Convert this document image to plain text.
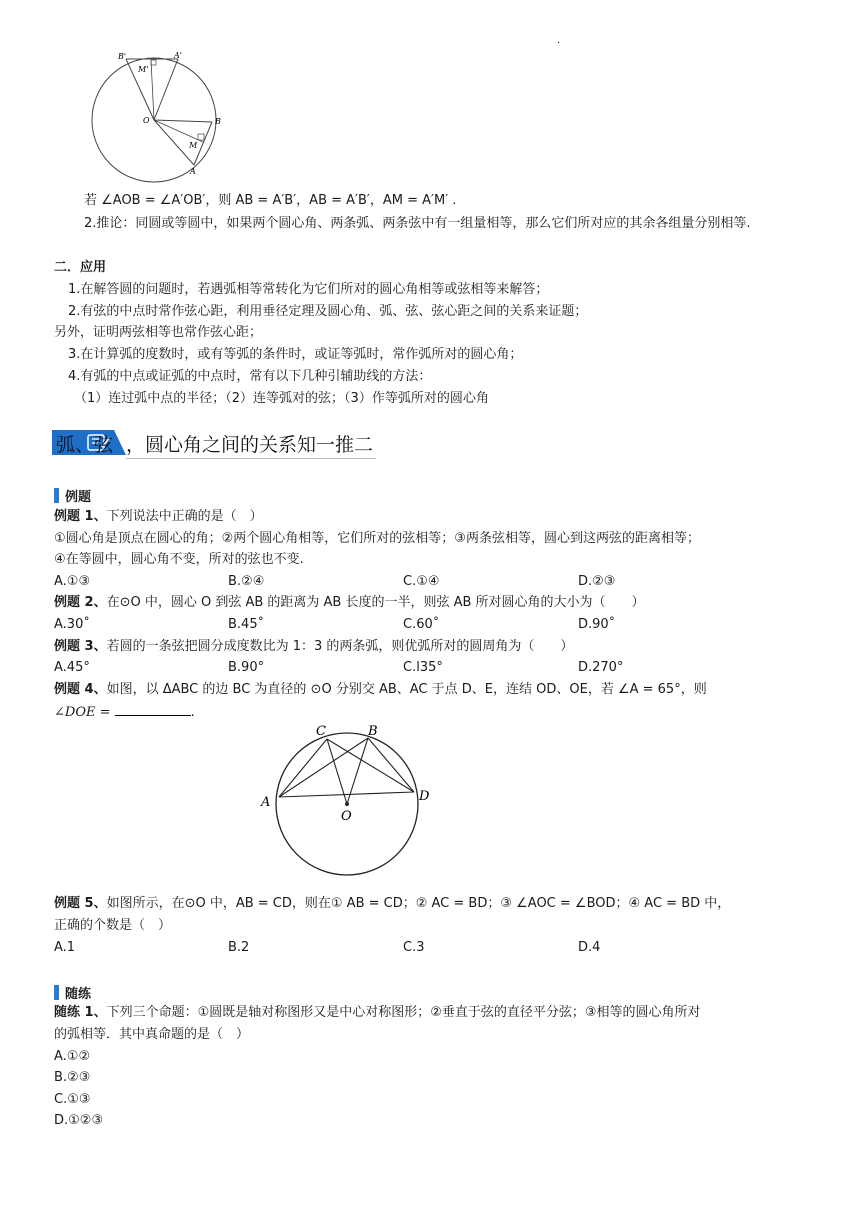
·
B'	A'
M'
O	B
M
A
若 ∠AOB = ∠A′OB′，则 AB = A′B′，AB = A′B′，AM = A′M′ .
2.推论：同圆或等圆中，如果两个圆心角、两条弧、两条弦中有一组量相等，那么它们所对应的其余各组量分别相等.
二．应用
1.在解答圆的问题时，若遇弧相等常转化为它们所对的圆心角相等或弦相等来解答；
2.有弦的中点时常作弦心距，利用垂径定理及圆心角、弧、弦、弦心距之间的关系来证题；
另外，证明两弦相等也常作弦心距；
3.在计算弧的度数时，或有等弧的条件时，或证等弧时，常作弧所对的圆心角；
4.有弧的中点或证弧的中点时，常有以下几种引辅助线的方法：
（1）连过弧中点的半径；（2）连等弧对的弦；（3）作等弧所对的圆心角
弧、弦 ，圆心角之间的关系知一推二
例题
例题 1、下列说法中正确的是（　）
①圆心角是顶点在圆心的角；②两个圆心角相等，它们所对的弦相等；③两条弦相等，圆心到这两弦的距离相等；
④在等圆中，圆心角不变，所对的弦也不变.
A.①③	B.②④	C.①④	D.②③
例题 2、在⊙O 中，圆心 O 到弦 AB 的距离为 AB 长度的一半，则弦 AB 所对圆心角的大小为（　　）
A.30˚	B.45˚	C.60˚	D.90˚
例题 3、若圆的一条弦把圆分成度数比为 1：3 的两条弧，则优弧所对的圆周角为（　　）
A.45°	B.90°	C.l35°	D.270°
例题 4、如图，以 ΔABC 的边 BC 为直径的 ⊙O 分别交 AB、AC 于点 D、E，连结 OD、OE，若 ∠A = 65°，则
∠DOE =	.
C	B
A	D
O
例题 5、如图所示，在⊙O 中，AB = CD，则在① AB = CD；② AC = BD；③ ∠AOC = ∠BOD；④ AC = BD 中，
正确的个数是（　）
A.1	B.2	C.3	D.4
随练
随练 1、下列三个命题：①圆既是轴对称图形又是中心对称图形；②垂直于弦的直径平分弦；③相等的圆心角所对
的弧相等．其中真命题的是（　）
A.①②
B.②③
C.①③
D.①②③
